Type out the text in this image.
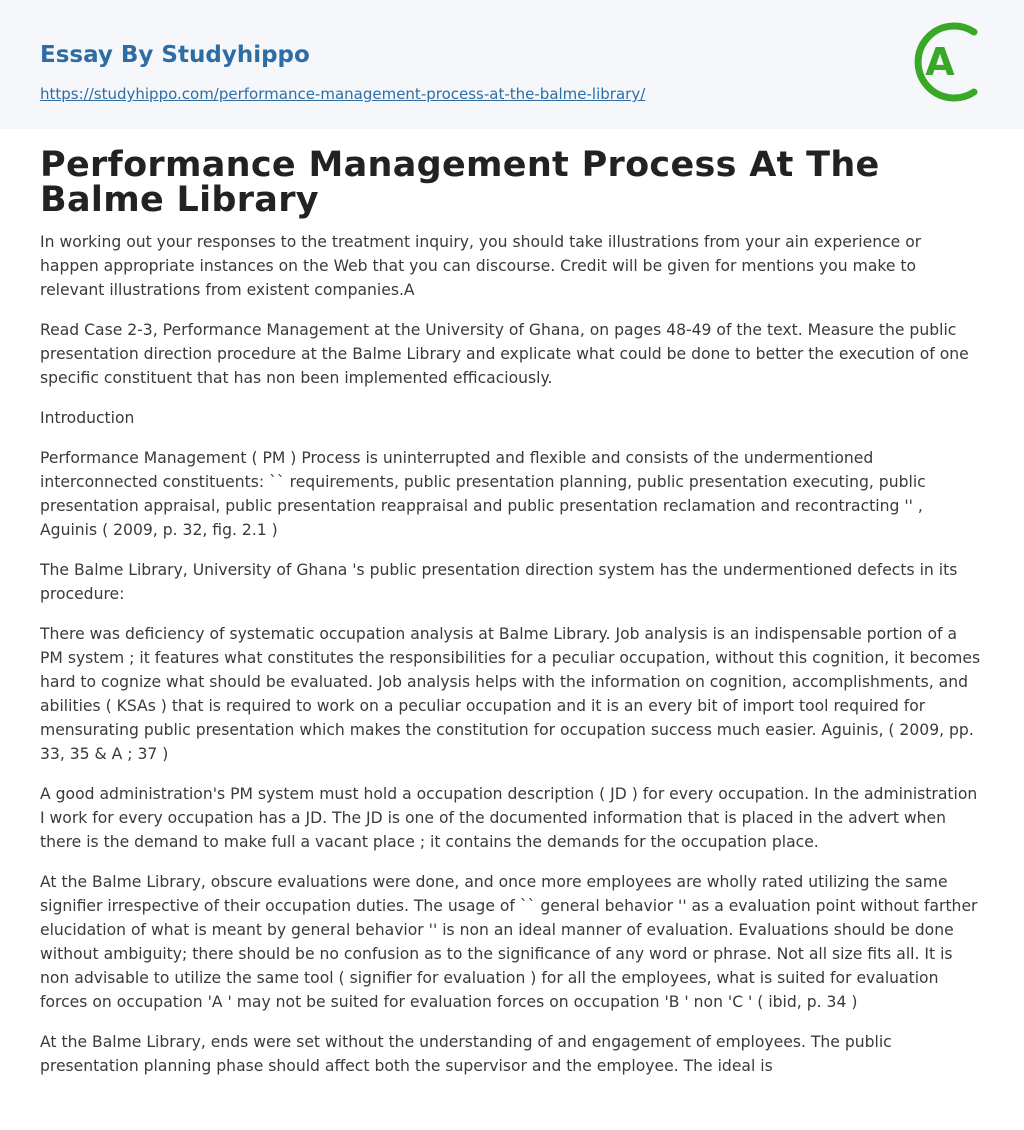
Essay By Studyhippo
https://studyhippo.com/performance-management-process-at-the-balme-library/
A
Performance Management Process At The Balme Library

In working out your responses to the treatment inquiry, you should take illustrations from your ain experience or happen appropriate instances on the Web that you can discourse. Credit will be given for mentions you make to relevant illustrations from existent companies.A

Read Case 2-3, Performance Management at the University of Ghana, on pages 48-49 of the text. Measure the public presentation direction procedure at the Balme Library and explicate what could be done to better the execution of one specific constituent that has non been implemented efficaciously.

Introduction

Performance Management ( PM ) Process is uninterrupted and flexible and consists of the undermentioned interconnected constituents: `` requirements, public presentation planning, public presentation executing, public presentation appraisal, public presentation reappraisal and public presentation reclamation and recontracting '' , Aguinis ( 2009, p. 32, fig. 2.1 )

The Balme Library, University of Ghana 's public presentation direction system has the undermentioned defects in its procedure:

There was deficiency of systematic occupation analysis at Balme Library. Job analysis is an indispensable portion of a PM system ; it features what constitutes the responsibilities for a peculiar occupation, without this cognition, it becomes hard to cognize what should be evaluated. Job analysis helps with the information on cognition, accomplishments, and abilities ( KSAs ) that is required to work on a peculiar occupation and it is an every bit of import tool required for mensurating public presentation which makes the constitution for occupation success much easier. Aguinis, ( 2009, pp. 33, 35 & A ; 37 )

A good administration's PM system must hold a occupation description ( JD ) for every occupation. In the administration I work for every occupation has a JD. The JD is one of the documented information that is placed in the advert when there is the demand to make full a vacant place ; it contains the demands for the occupation place.

At the Balme Library, obscure evaluations were done, and once more employees are wholly rated utilizing the same signifier irrespective of their occupation duties. The usage of `` general behavior '' as a evaluation point without farther elucidation of what is meant by general behavior '' is non an ideal manner of evaluation. Evaluations should be done without ambiguity; there should be no confusion as to the significance of any word or phrase. Not all size fits all. It is non advisable to utilize the same tool ( signifier for evaluation ) for all the employees, what is suited for evaluation forces on occupation 'A ' may not be suited for evaluation forces on occupation 'B ' non 'C ' ( ibid, p. 34 )

At the Balme Library, ends were set without the understanding of and engagement of employees. The public presentation planning phase should affect both the supervisor and the employee. The ideal is
